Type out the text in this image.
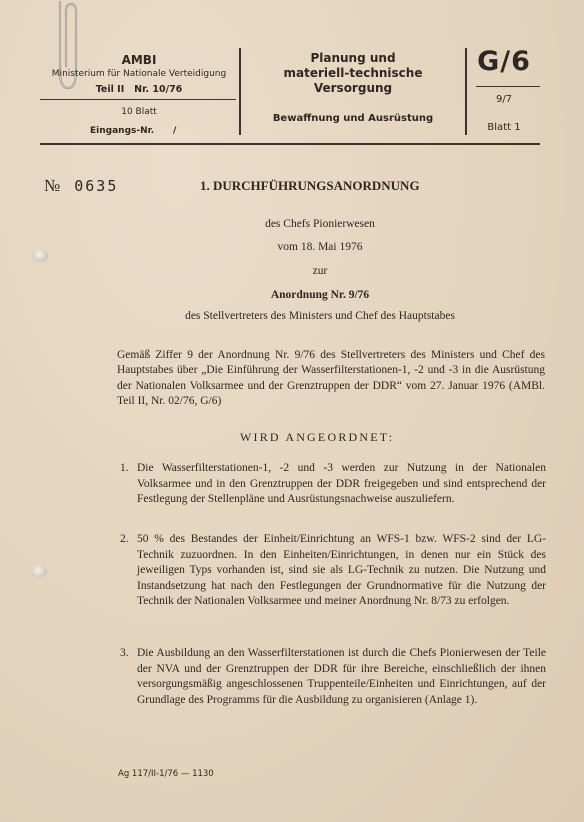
AMBI
Ministerium für Nationale Verteidigung
Teil II   Nr. 10/76
10 Blatt
Eingangs-Nr.      /
Planung und
materiell-technische
Versorgung
Bewaffnung und Ausrüstung
G/6
9/7
Blatt 1
№ 0635	1. DURCHFÜHRUNGSANORDNUNG
des Chefs Pionierwesen
vom 18. Mai 1976
zur
Anordnung Nr. 9/76
des Stellvertreters des Ministers und Chef des Hauptstabes
Gemäß Ziffer 9 der Anordnung Nr. 9/76 des Stellvertreters des Ministers und Chef des Hauptstabes über „Die Einführung der Wasserfilterstationen-1, -2 und -3 in die Ausrüstung der Nationalen Volksarmee und der Grenztruppen der DDR“ vom 27. Januar 1976 (AMBl. Teil II, Nr. 02/76, G/6)
WIRD ANGEORDNET:
1. Die Wasserfilterstationen-1, -2 und -3 werden zur Nutzung in der Nationalen Volksarmee und in den Grenztruppen der DDR freigegeben und sind entsprechend der Festlegung der Stellenpläne und Ausrüstungsnachweise auszuliefern.
2. 50 % des Bestandes der Einheit/Einrichtung an WFS-1 bzw. WFS-2 sind der LG-Technik zuzuordnen. In den Einheiten/Einrichtungen, in denen nur ein Stück des jeweiligen Typs vorhanden ist, sind sie als LG-Technik zu nutzen. Die Nutzung und Instandsetzung hat nach den Festlegungen der Grundnormative für die Nutzung der Technik der Nationalen Volksarmee und meiner Anordnung Nr. 8/73 zu erfolgen.
3. Die Ausbildung an den Wasserfilterstationen ist durch die Chefs Pionierwesen der Teile der NVA und der Grenztruppen der DDR für ihre Bereiche, einschließlich der ihnen versorgungsmäßig angeschlossenen Truppenteile/Einheiten und Einrichtungen, auf der Grundlage des Programms für die Ausbildung zu organisieren (Anlage 1).
Ag 117/II-1/76 — 1130
